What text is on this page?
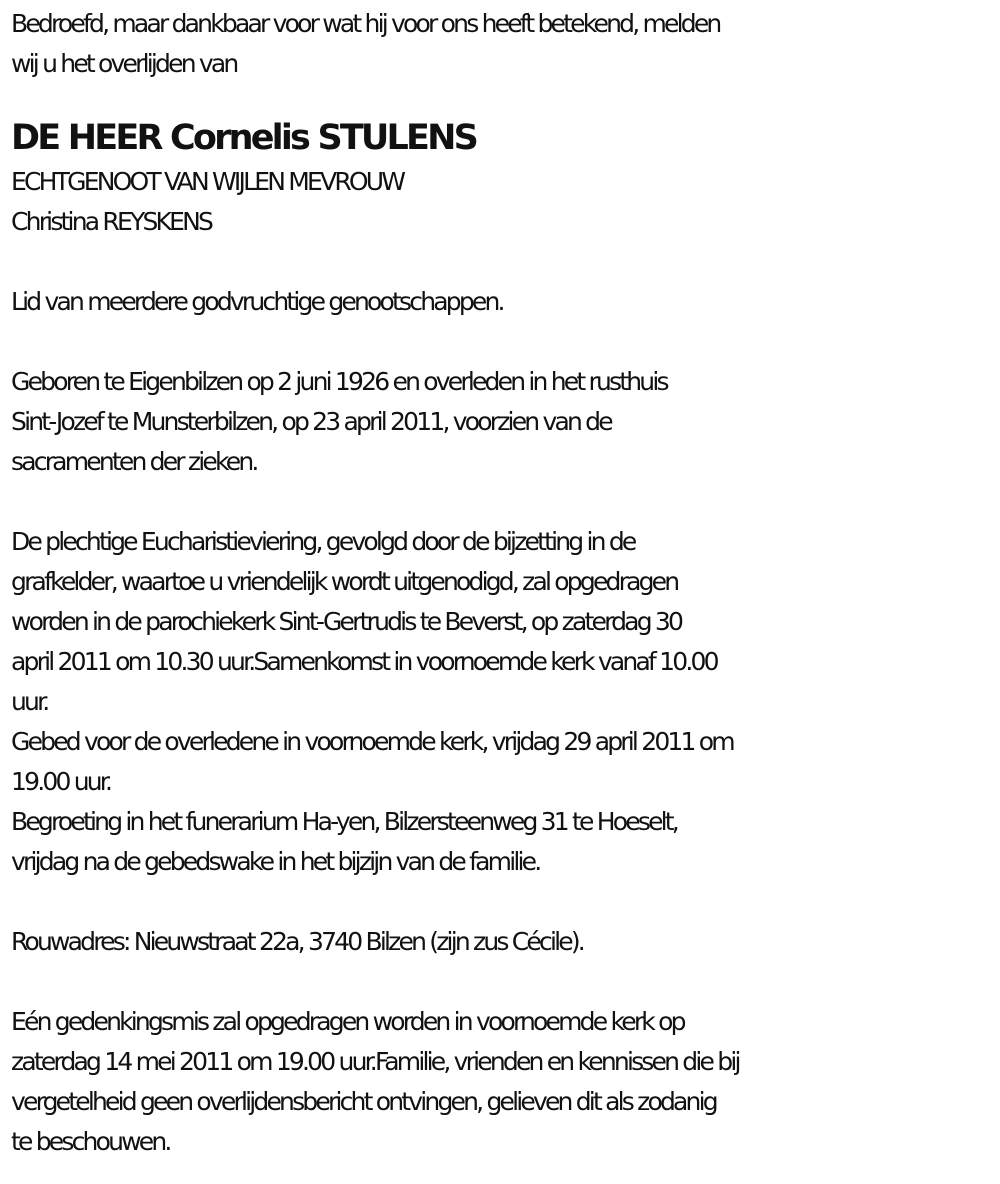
Bedroefd, maar dankbaar voor wat hij voor ons heeft betekend, melden

wij u het overlijden van

DE HEER Cornelis STULENS

ECHTGENOOT VAN WIJLEN MEVROUW

Christina REYSKENS

Lid van meerdere godvruchtige genootschappen.

Geboren te Eigenbilzen op 2 juni 1926 en overleden in het rusthuis

Sint-Jozef te Munsterbilzen, op 23 april 2011, voorzien van de

sacramenten der zieken.

De plechtige Eucharistieviering, gevolgd door de bijzetting in de

grafkelder, waartoe u vriendelijk wordt uitgenodigd, zal opgedragen

worden in de parochiekerk Sint-Gertrudis te Beverst, op zaterdag 30

april 2011 om 10.30 uur.Samenkomst in voornoemde kerk vanaf 10.00

uur.

Gebed voor de overledene in voornoemde kerk, vrijdag 29 april 2011 om

19.00 uur.

Begroeting in het funerarium Ha-yen, Bilzersteenweg 31 te Hoeselt,

vrijdag na de gebedswake in het bijzijn van de familie.

Rouwadres: Nieuwstraat 22a, 3740 Bilzen (zijn zus Cécile).

Eén gedenkingsmis zal opgedragen worden in voornoemde kerk op

zaterdag 14 mei 2011 om 19.00 uur.Familie, vrienden en kennissen die bij

vergetelheid geen overlijdensbericht ontvingen, gelieven dit als zodanig

te beschouwen.
